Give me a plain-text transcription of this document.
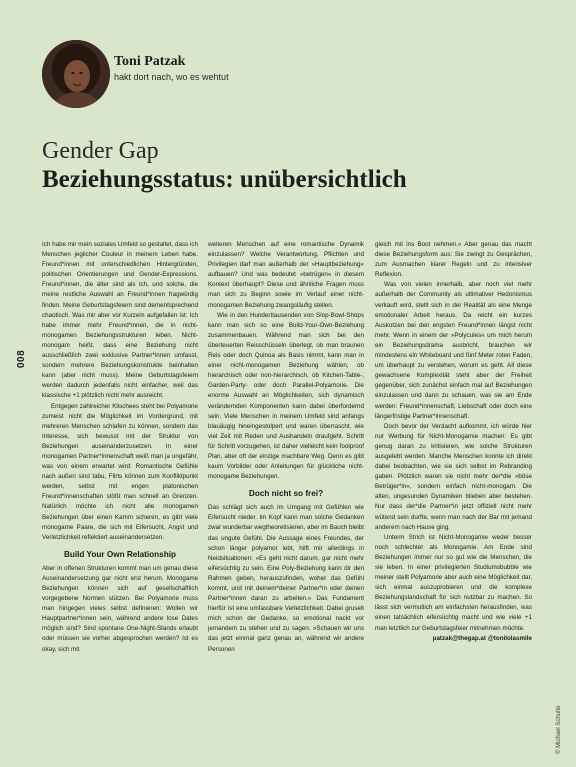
Toni Patzak
hakt dort nach, wo es wehtut
Gender Gap
Beziehungsstatus: unübersichtlich
008

Ich habe mir mein soziales Umfeld so gestaltet, dass ich Menschen jeglicher Couleur in meinem Leben habe. Freund*innen mit unterschiedlichen Hintergründen, politischen Orientierungen und Gender-Expressions. Freund*innen, die älter sind als ich, und solche, die meine restliche Auswahl an Freund*innen fragwürdig finden. Meine Geburtstagsfeiern sind dementsprechend chaotisch. Was mir aber vor Kurzem aufgefallen ist: Ich habe immer mehr Freund*innen, die in nicht-monogamen Beziehungsstrukturen leben. Nicht-monogam heißt, dass eine Beziehung nicht ausschließlich zwei exklusive Partner*innen umfasst, sondern mehrere Beziehungskonstrukte beinhalten kann (aber nicht muss). Meine Geburtstagsfeiern werden dadurch jedenfalls nicht einfacher, weil das klassische +1 plötzlich nicht mehr ausreicht.

Entgegen zahlreicher Klischees steht bei Polyamorie zumeist nicht die Möglichkeit im Vordergrund, mit mehreren Menschen schlafen zu können, sondern das Interesse, sich bewusst mit der Struktur von Beziehungen auseinanderzusetzen. In einer monogamen Partner*innenschaft weiß man ja ungefähr, was von einem erwartet wird: Romantische Gefühle nach außen sind tabu, Flirts können zum Konfliktpunkt werden, selbst mit engen platonischen Freund*innenschaften stößt man schnell an Grenzen. Natürlich möchte ich nicht alle monogamen Beziehungen über einen Kamm scheren, es gibt viele monogame Paare, die sich mit Eifersucht, Angst und Verletzlichkeit reflektiert auseinandersetzen.

Build Your Own Relationship

Aber in offenen Strukturen kommt man um genau diese Auseinandersetzung gar nicht erst herum. Monogame Beziehungen können sich auf gesellschaftlich vorgegebene Normen stützen. Bei Polyamorie muss man hingegen vieles selbst definieren: Wollen wir Hauptpartner*innen sein, während andere lose Dates möglich sind? Sind spontane One-Night-Stands erlaubt oder müssen sie vorher abgesprochen werden? Ist es okay, sich mit

weiteren Menschen auf eine romantische Dynamik einzulassen? Welche Verantwortung, Pflichten und Privilegien darf man außerhalb der »Hauptbeziehung« aufbauen? Und was bedeutet »betrügen« in diesem Kontext überhaupt? Diese und ähnliche Fragen muss man sich zu Beginn sowie im Verlauf einer nicht-monogamen Beziehung zwangsläufig stellen.

Wie in den Hunderttausenden von Slop-Bowl-Shops kann man sich so eine Build-Your-Own-Beziehung zusammenbauen. Während man sich bei den überteuerten Reisschüsseln überlegt, ob man braunen Reis oder doch Quinoa als Basis nimmt, kann man in einer nicht-monogamen Beziehung wählen, ob hierarchisch oder non-hierarchisch, ob Kitchen-Table-, Garden-Party- oder doch Parallel-Polyamorie. Die enorme Auswahl an Möglichkeiten, sich dynamisch verändernden Komponenten kann dabei überfordernd sein. Viele Menschen in meinem Umfeld sind anfangs blauäugig hineingestolpert und waren überrascht, wie viel Zeit mit Reden und Aushandeln draufgeht. Schritt für Schritt vorzugehen, ist daher vielleicht kein foolproof Plan, aber oft der einzige machbare Weg. Denn es gibt kaum Vorbilder oder Anleitungen für glückliche nicht-monogame Beziehungen.

Doch nicht so frei?

Das schlägt sich auch im Umgang mit Gefühlen wie Eifersucht nieder. Im Kopf kann man solche Gedanken zwar wunderbar wegtheoretisieren, aber im Bauch bleibt das ungute Gefühl. Die Aussage eines Freundes, der schon länger polyamor lebt, hilft mir allerdings in Neidsituationen: »Es geht nicht darum, gar nicht mehr eifersüchtig zu sein. Eine Poly-Beziehung kann dir den Rahmen geben, herauszufinden, woher das Gefühl kommt, und mit deinem*deiner Partner*in oder deinen Partner*innen daran zu arbeiten.« Das Fundament hierfür ist eine umfassbare Verletzlichkeit. Dabei gruselt mich schon der Gedanke, so emotional nackt vor jemandem zu stehen und zu sagen: »Schauen wir uns das jetzt einmal ganz genau an, während wir andere Personen

gleich mit ins Boot nehmen.« Aber genau das macht diese Beziehungsform aus: Sie zwingt zu Gesprächen, zum Ausmachen klarer Regeln und zu intensiver Reflexion.

Was von vielen innerhalb, aber noch viel mehr außerhalb der Community als ultimativer Hedonismus verkauft wird, stellt sich in der Realität als eine Menge emotionaler Arbeit heraus. Da reicht ein kurzes Auskotzen bei den engsten Freund*innen längst nicht mehr. Wenn in einem der »Polycules« um mich herum ein Beziehungsdrama ausbricht, brauchen wir mindestens ein Whiteboard und fünf Meter roten Faden, um überhaupt zu verstehen, worum es geht. All diese gewachsene Komplexität steht aber der Freiheit gegenüber, sich zunächst einfach mal auf Beziehungen einzulassen und dann zu schauen, was sie am Ende werden: Freund*innenschaft, Liebschaft oder doch eine längerfristige Partner*innenschaft.

Doch bevor der Verdacht aufkommt, ich würde hier nur Werbung für Nicht-Monogamie machen: Es gibt genug daran zu kritisieren, wie solche Strukturen ausgelebt werden. Manche Menschen konnte ich direkt dabei beobachten, wie sie sich selbst im Rebranding gaben. Plötzlich waren sie nicht mehr der*die »böse Betrüger*in«, sondern einfach nicht-monogam. Die alten, ungesunden Dynamiken blieben aber bestehen. Nur dass der*die Partner*in jetzt offiziell nicht mehr wütend sein durfte, wenn man nach der Bar mit jemand anderem nach Hause ging.

Unterm Strich ist Nicht-Monogamie weder besser noch schlechter als Monogamie. Am Ende sind Beziehungen immer nur so gut wie die Menschen, die sie leben. In einer privilegierten Studiumsbubble wie meiner stellt Polyamorie aber auch eine Möglichkeit dar, sich einmal auszuprobieren und die komplexe Beziehungslandschaft für sich nutzbar zu machen. So lässt sich vermutlich am einfachsten herausfinden, was einen tatsächlich eifersüchtig macht und wie viele +1 man letztlich zur Geburtstagsfeier mitnehmen möchte.

patzak@thegap.at @tonilolasmile

© Michael Schulte
